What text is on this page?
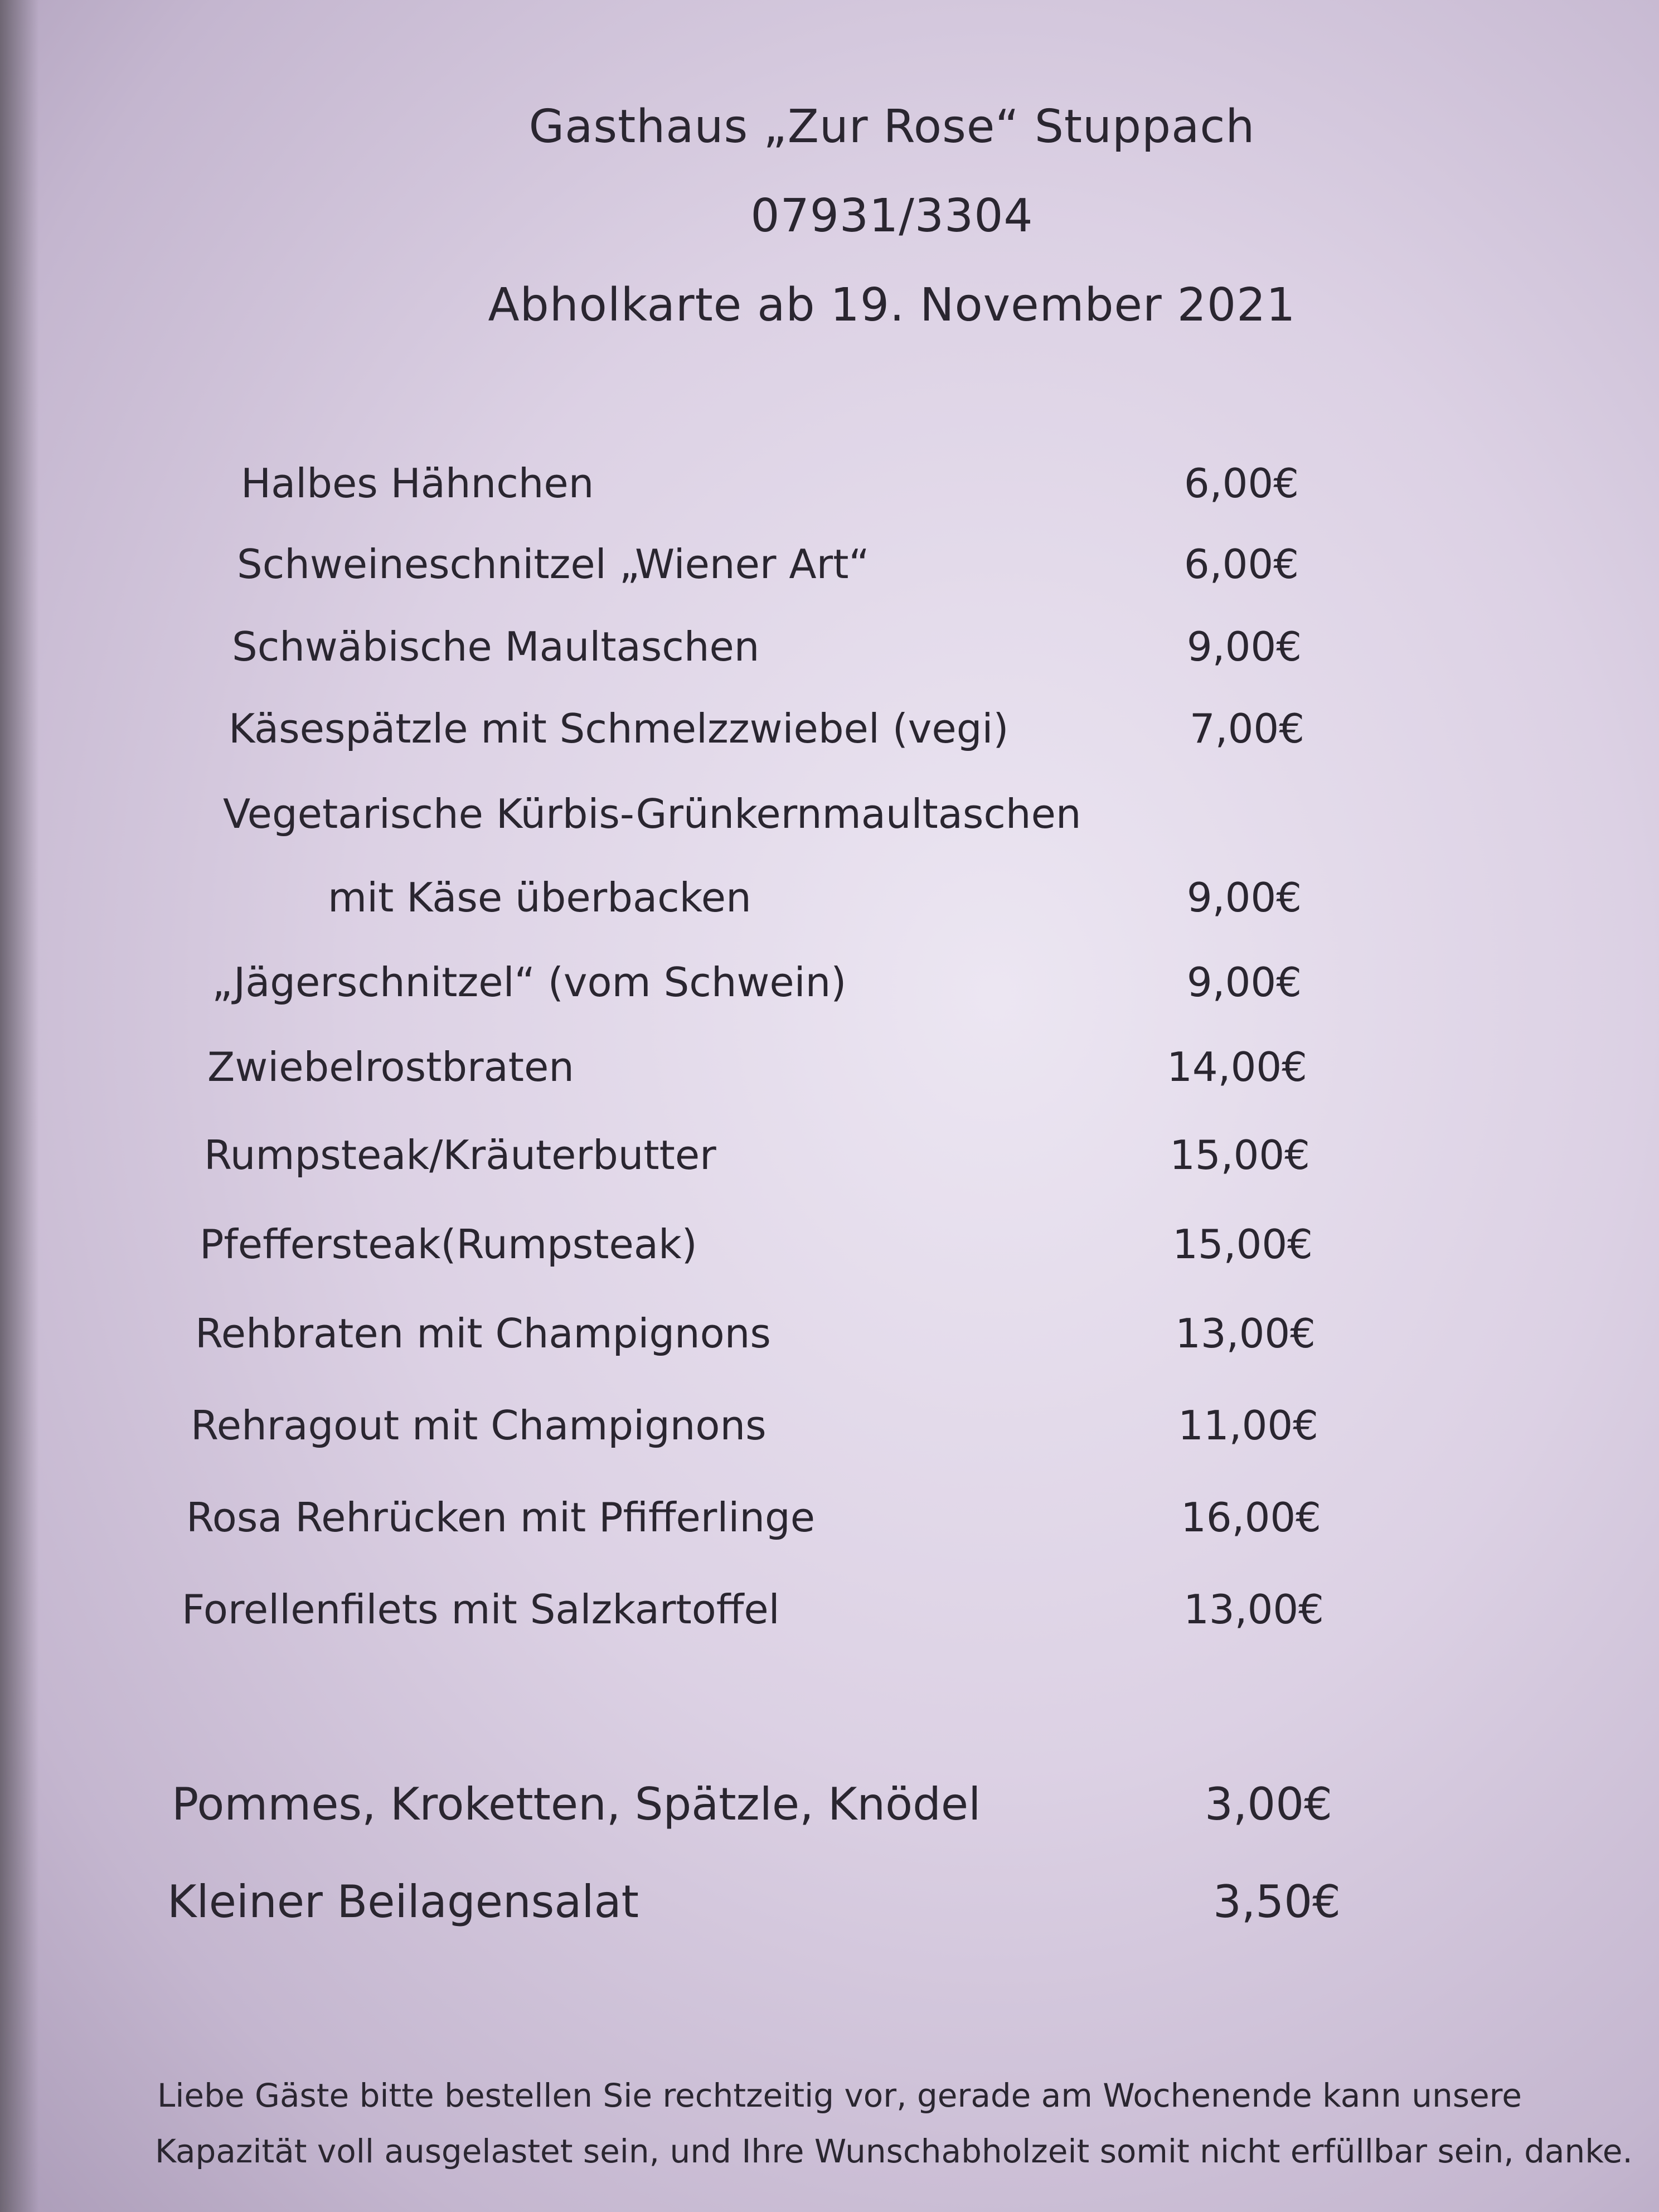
Gasthaus „Zur Rose“ Stuppach
07931/3304
Abholkarte ab 19. November 2021
Halbes Hähnchen	6,00€
Schweineschnitzel „Wiener Art“	6,00€
Schwäbische Maultaschen	9,00€
Käsespätzle mit Schmelzzwiebel (vegi)	7,00€
Vegetarische Kürbis-Grünkernmaultaschen
mit Käse überbacken	9,00€
„Jägerschnitzel“ (vom Schwein)	9,00€
Zwiebelrostbraten	14,00€
Rumpsteak/Kräuterbutter	15,00€
Pfeffersteak(Rumpsteak)	15,00€
Rehbraten mit Champignons	13,00€
Rehragout mit Champignons	11,00€
Rosa Rehrücken mit Pfifferlinge	16,00€
Forellenfilets mit Salzkartoffel	13,00€
Pommes, Kroketten, Spätzle, Knödel	3,00€
Kleiner Beilagensalat	3,50€
Liebe Gäste bitte bestellen Sie rechtzeitig vor, gerade am Wochenende kann unsere
Kapazität voll ausgelastet sein, und Ihre Wunschabholzeit somit nicht erfüllbar sein, danke.
